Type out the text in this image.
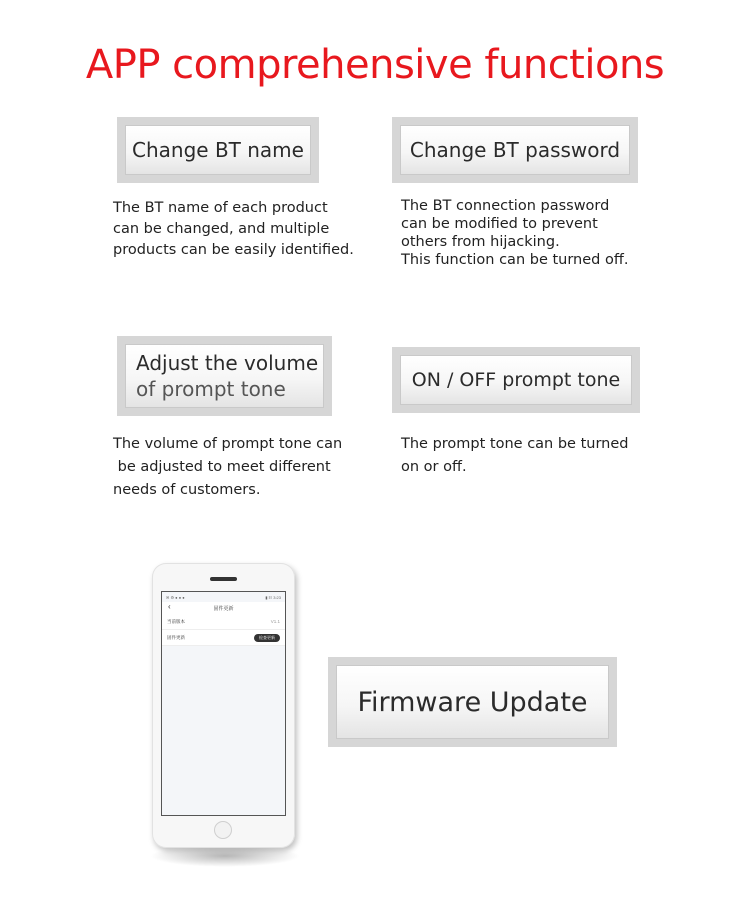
APP comprehensive functions
Change BT name
The BT name of each product
can be changed, and multiple
products can be easily identified.
Change BT password
The BT connection password
can be modified to prevent
others from hijacking.
This function can be turned off.
Adjust the volume
of prompt tone
The volume of prompt tone can
be adjusted to meet different
needs of customers.
ON / OFF prompt tone
The prompt tone can be turned
on or off.
✉ ⚙ ● ● ●	▮ ☷ 3:23
‹	固件更新
当前版本	V1.1
固件更新	检查更新
Firmware Update
